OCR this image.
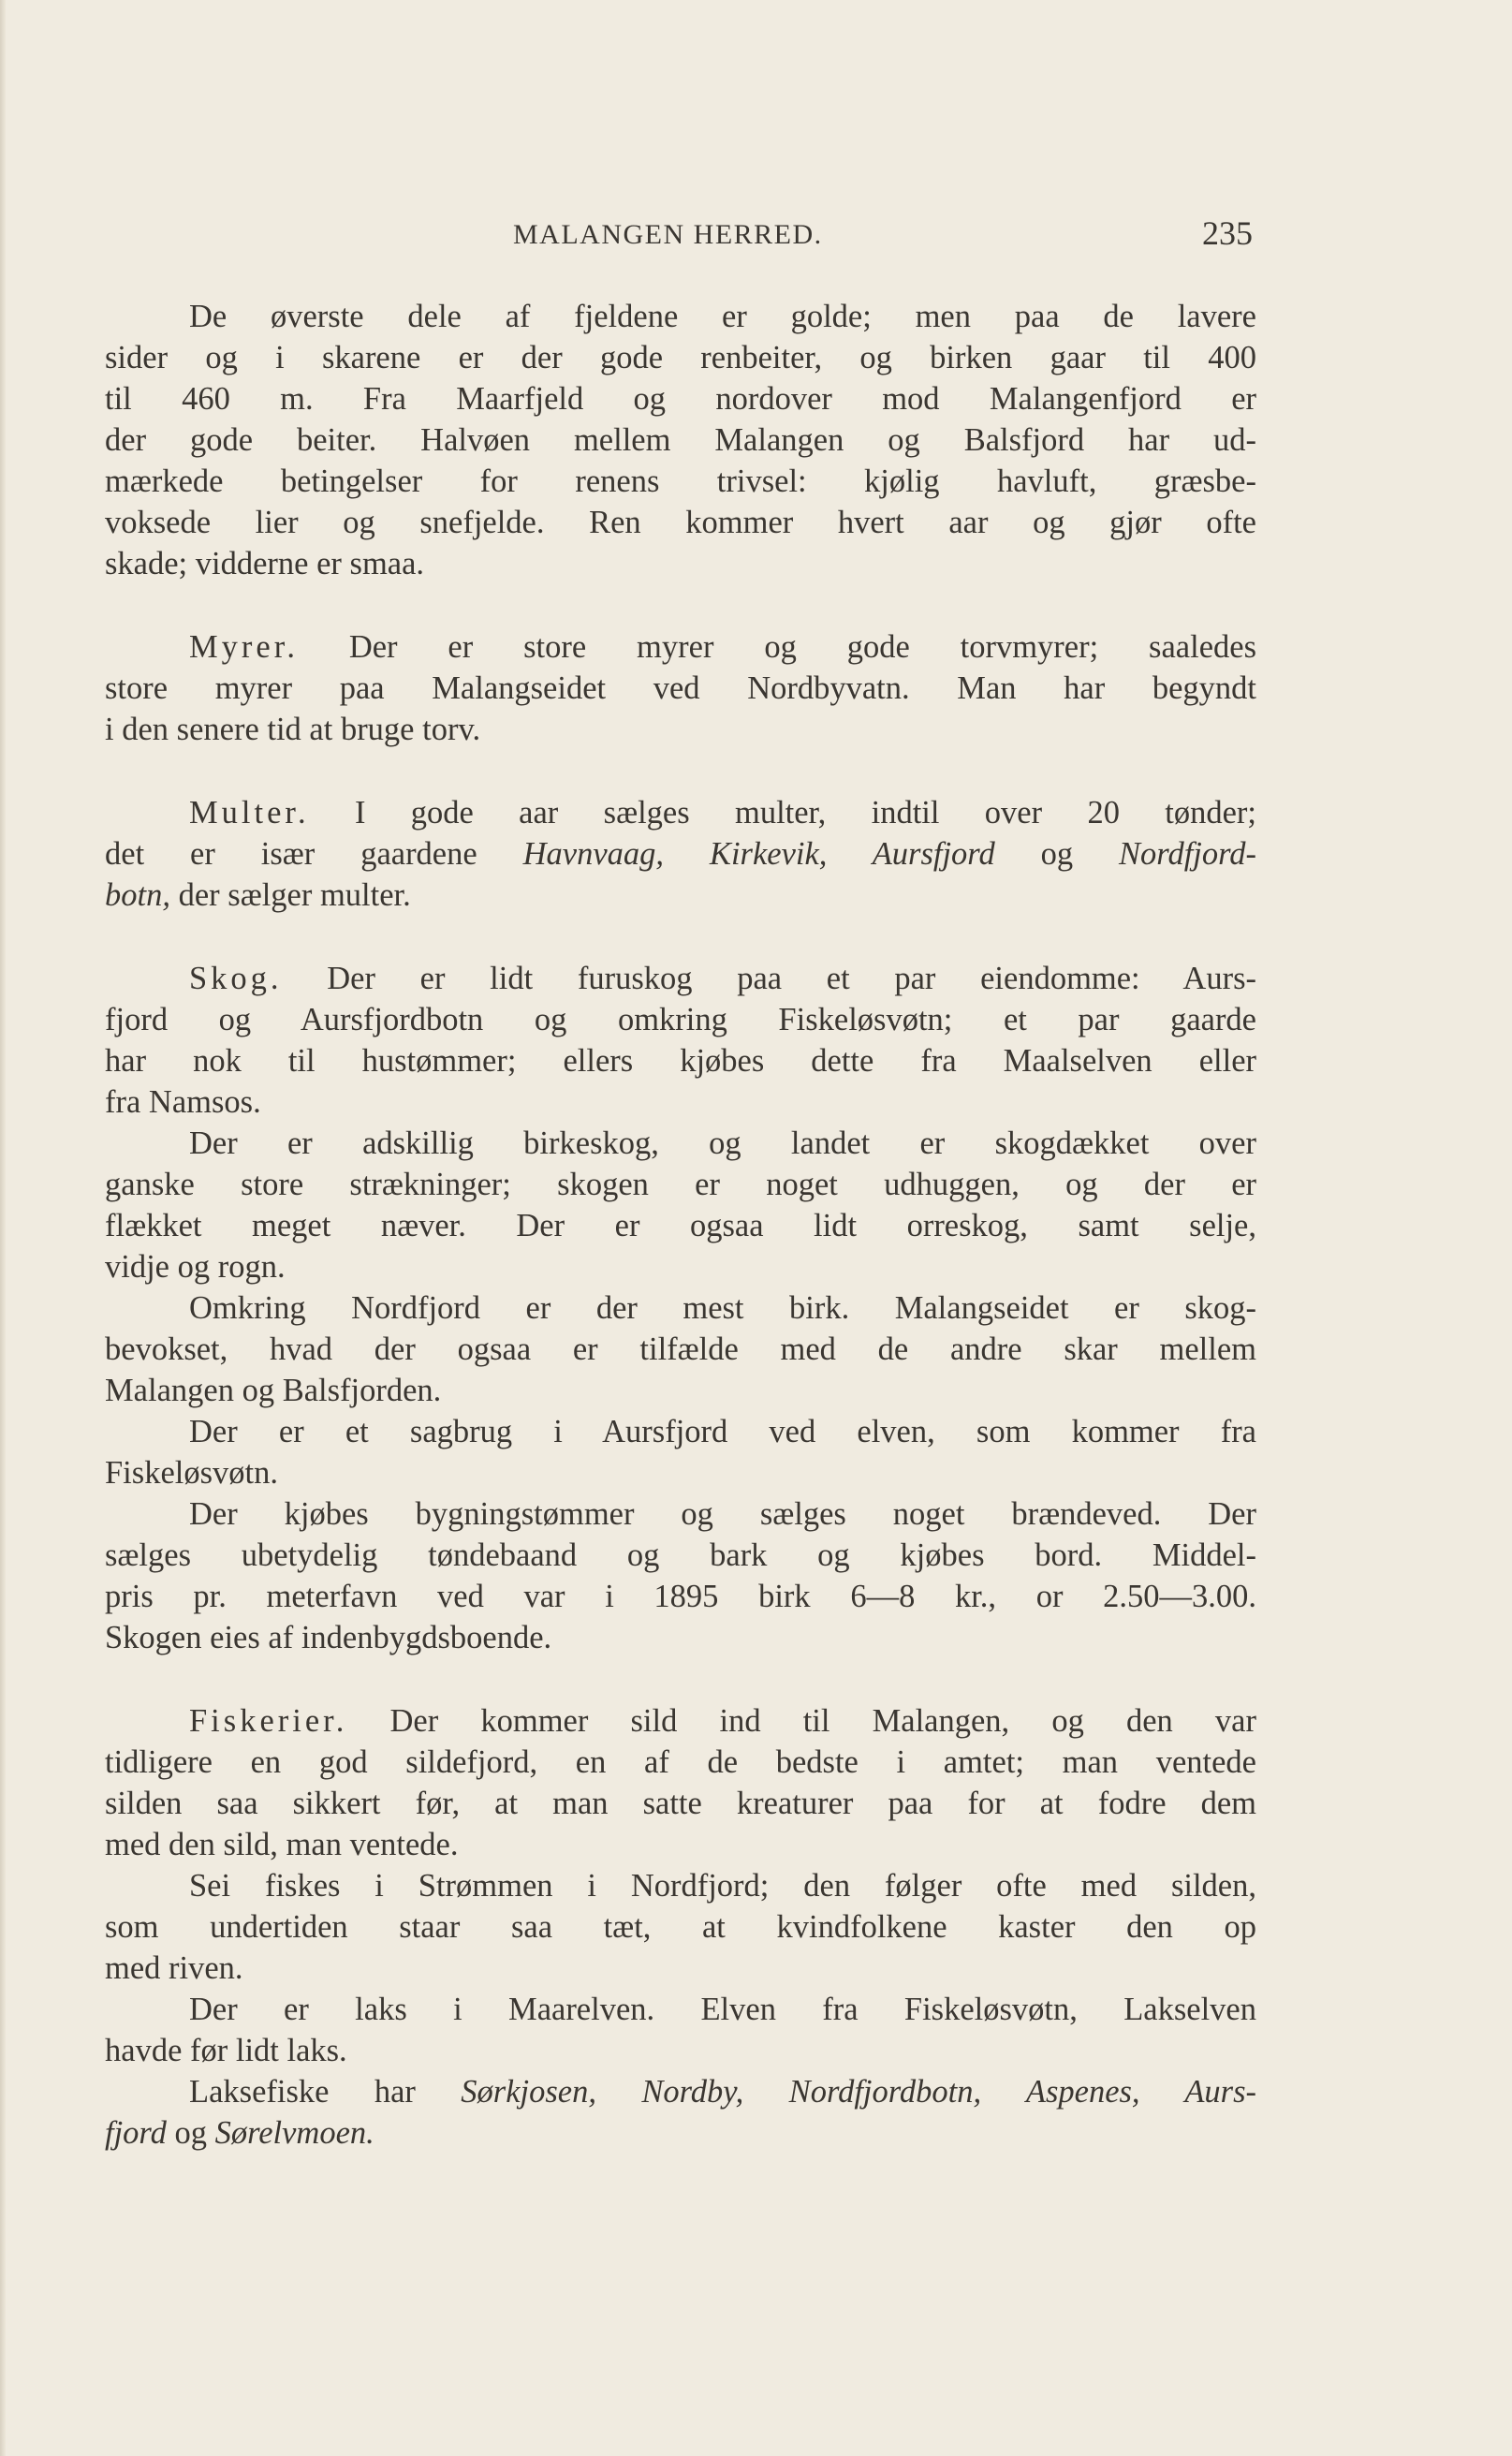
MALANGEN HERRED.	235
De øverste dele af fjeldene er golde; men paa de lavere
sider og i skarene er der gode renbeiter, og birken gaar til 400
til 460 m. Fra Maarfjeld og nordover mod Malangenfjord er
der gode beiter. Halvøen mellem Malangen og Balsfjord har ud-
mærkede betingelser for renens trivsel: kjølig havluft, græsbe-
voksede lier og snefjelde. Ren kommer hvert aar og gjør ofte
skade; vidderne er smaa.
Myrer. Der er store myrer og gode torvmyrer; saaledes
store myrer paa Malangseidet ved Nordbyvatn. Man har begyndt
i den senere tid at bruge torv.
Multer. I gode aar sælges multer, indtil over 20 tønder;
det er især gaardene Havnvaag, Kirkevik, Aursfjord og Nordfjord-
botn, der sælger multer.
Skog. Der er lidt furuskog paa et par eiendomme: Aurs-
fjord og Aursfjordbotn og omkring Fiskeløsvøtn; et par gaarde
har nok til hustømmer; ellers kjøbes dette fra Maalselven eller
fra Namsos.
Der er adskillig birkeskog, og landet er skogdækket over
ganske store strækninger; skogen er noget udhuggen, og der er
flækket meget næver. Der er ogsaa lidt orreskog, samt selje,
vidje og rogn.
Omkring Nordfjord er der mest birk. Malangseidet er skog-
bevokset, hvad der ogsaa er tilfælde med de andre skar mellem
Malangen og Balsfjorden.
Der er et sagbrug i Aursfjord ved elven, som kommer fra
Fiskeløsvøtn.
Der kjøbes bygningstømmer og sælges noget brændeved. Der
sælges ubetydelig tøndebaand og bark og kjøbes bord. Middel-
pris pr. meterfavn ved var i 1895 birk 6—8 kr., or 2.50—3.00.
Skogen eies af indenbygdsboende.
Fiskerier. Der kommer sild ind til Malangen, og den var
tidligere en god sildefjord, en af de bedste i amtet; man ventede
silden saa sikkert før, at man satte kreaturer paa for at fodre dem
med den sild, man ventede.
Sei fiskes i Strømmen i Nordfjord; den følger ofte med silden,
som undertiden staar saa tæt, at kvindfolkene kaster den op
med riven.
Der er laks i Maarelven. Elven fra Fiskeløsvøtn, Lakselven
havde før lidt laks.
Laksefiske har Sørkjosen, Nordby, Nordfjordbotn, Aspenes, Aurs-
fjord og Sørelvmoen.
